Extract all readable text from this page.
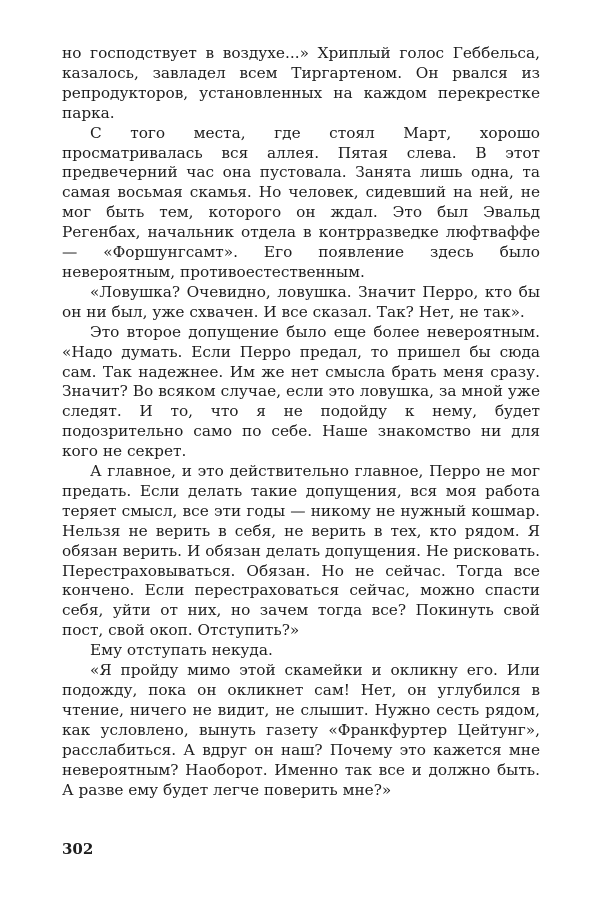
но господствует в воздухе...» Хриплый голос Геббельса, казалось, завладел всем Тиргартеном. Он рвался из репродукторов, установленных на каждом перекрестке парка.

С того места, где стоял Март, хорошо просматривалась вся аллея. Пятая слева. В этот предвечерний час она пустовала. Занята лишь одна, та самая восьмая скамья. Но человек, сидевший на ней, не мог быть тем, которого он ждал. Это был Эвальд Регенбах, начальник отдела в контрразведке люфтваффе — «Форшунгсамт». Его появление здесь было невероятным, противоестественным.

«Ловушка? Очевидно, ловушка. Значит Перро, кто бы он ни был, уже схвачен. И все сказал. Так? Нет, не так».

Это второе допущение было еще более невероятным. «Надо думать. Если Перро предал, то пришел бы сюда сам. Так надежнее. Им же нет смысла брать меня сразу. Значит? Во всяком случае, если это ловушка, за мной уже следят. И то, что я не подойду к нему, будет подозрительно само по себе. Наше знакомство ни для кого не секрет.

А главное, и это действительно главное, Перро не мог предать. Если делать такие допущения, вся моя работа теряет смысл, все эти годы — никому не нужный кошмар. Нельзя не верить в себя, не верить в тех, кто рядом. Я обязан верить. И обязан делать допущения. Не рисковать. Перестраховываться. Обязан. Но не сейчас. Тогда все кончено. Если перестраховаться сейчас, можно спасти себя, уйти от них, но зачем тогда все? Покинуть свой пост, свой окоп. Отступить?»

Ему отступать некуда.

«Я пройду мимо этой скамейки и окликну его. Или подожду, пока он окликнет сам! Нет, он углубился в чтение, ничего не видит, не слышит. Нужно сесть рядом, как условлено, вынуть газету «Франкфуртер Цейтунг», расслабиться. А вдруг он наш? Почему это кажется мне невероятным? Наоборот. Именно так все и должно быть. А разве ему будет легче поверить мне?»

302
